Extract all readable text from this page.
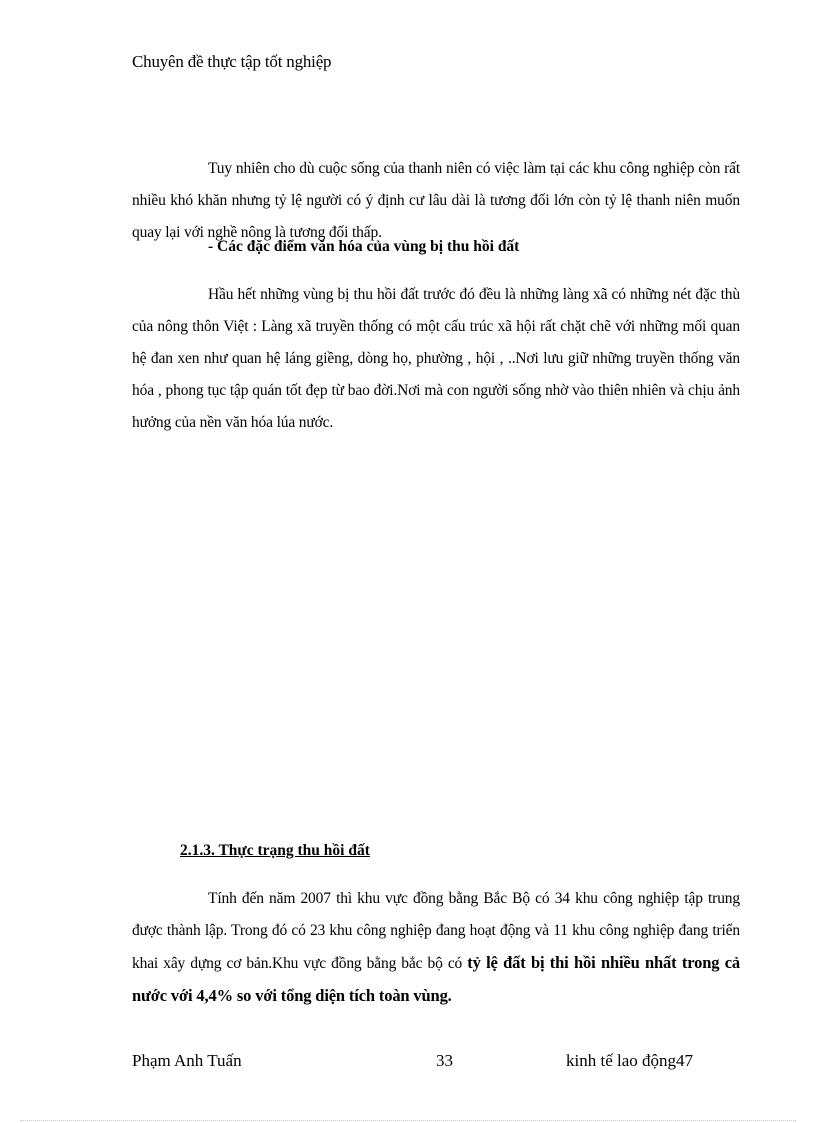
Chuyên đề thực tập tốt nghiệp

Tuy nhiên cho dù cuộc sống của thanh niên có việc làm tại các khu công nghiệp còn rất nhiều khó khăn nhưng tỷ lệ người có ý định cư lâu dài là tương đối lớn còn tỷ lệ thanh niên muốn quay lại với nghề nông là tương đối thấp.

- Các đặc điểm văn hóa của vùng bị thu hồi đất

Hầu hết những vùng bị thu hồi đất trước đó đều là những làng xã có những nét đặc thù của nông thôn Việt : Làng xã truyền thống có một cấu trúc xã hội rất chặt chẽ với những mối quan hệ đan xen như quan hệ láng giềng, dòng họ, phường , hội , ..Nơi lưu giữ những truyền thống văn hóa , phong tục tập quán tốt đẹp từ bao đời.Nơi mà con người sống nhờ vào thiên nhiên và chịu ảnh hưởng của nền văn hóa lúa nước.

2.1.3. Thực trạng thu hồi đất

Tính đến năm 2007 thì khu vực đồng bằng Bắc Bộ có 34 khu công nghiệp tập trung được thành lập. Trong đó có 23 khu công nghiệp đang hoạt động và 11 khu công nghiệp đang triển khai xây dựng cơ bản.Khu vực đồng bằng bắc bộ có tỷ lệ đất bị thi hồi nhiều nhất trong cả nước với 4,4% so với tổng diện tích toàn vùng.

Phạm Anh Tuấn	33	kinh tế lao động47
